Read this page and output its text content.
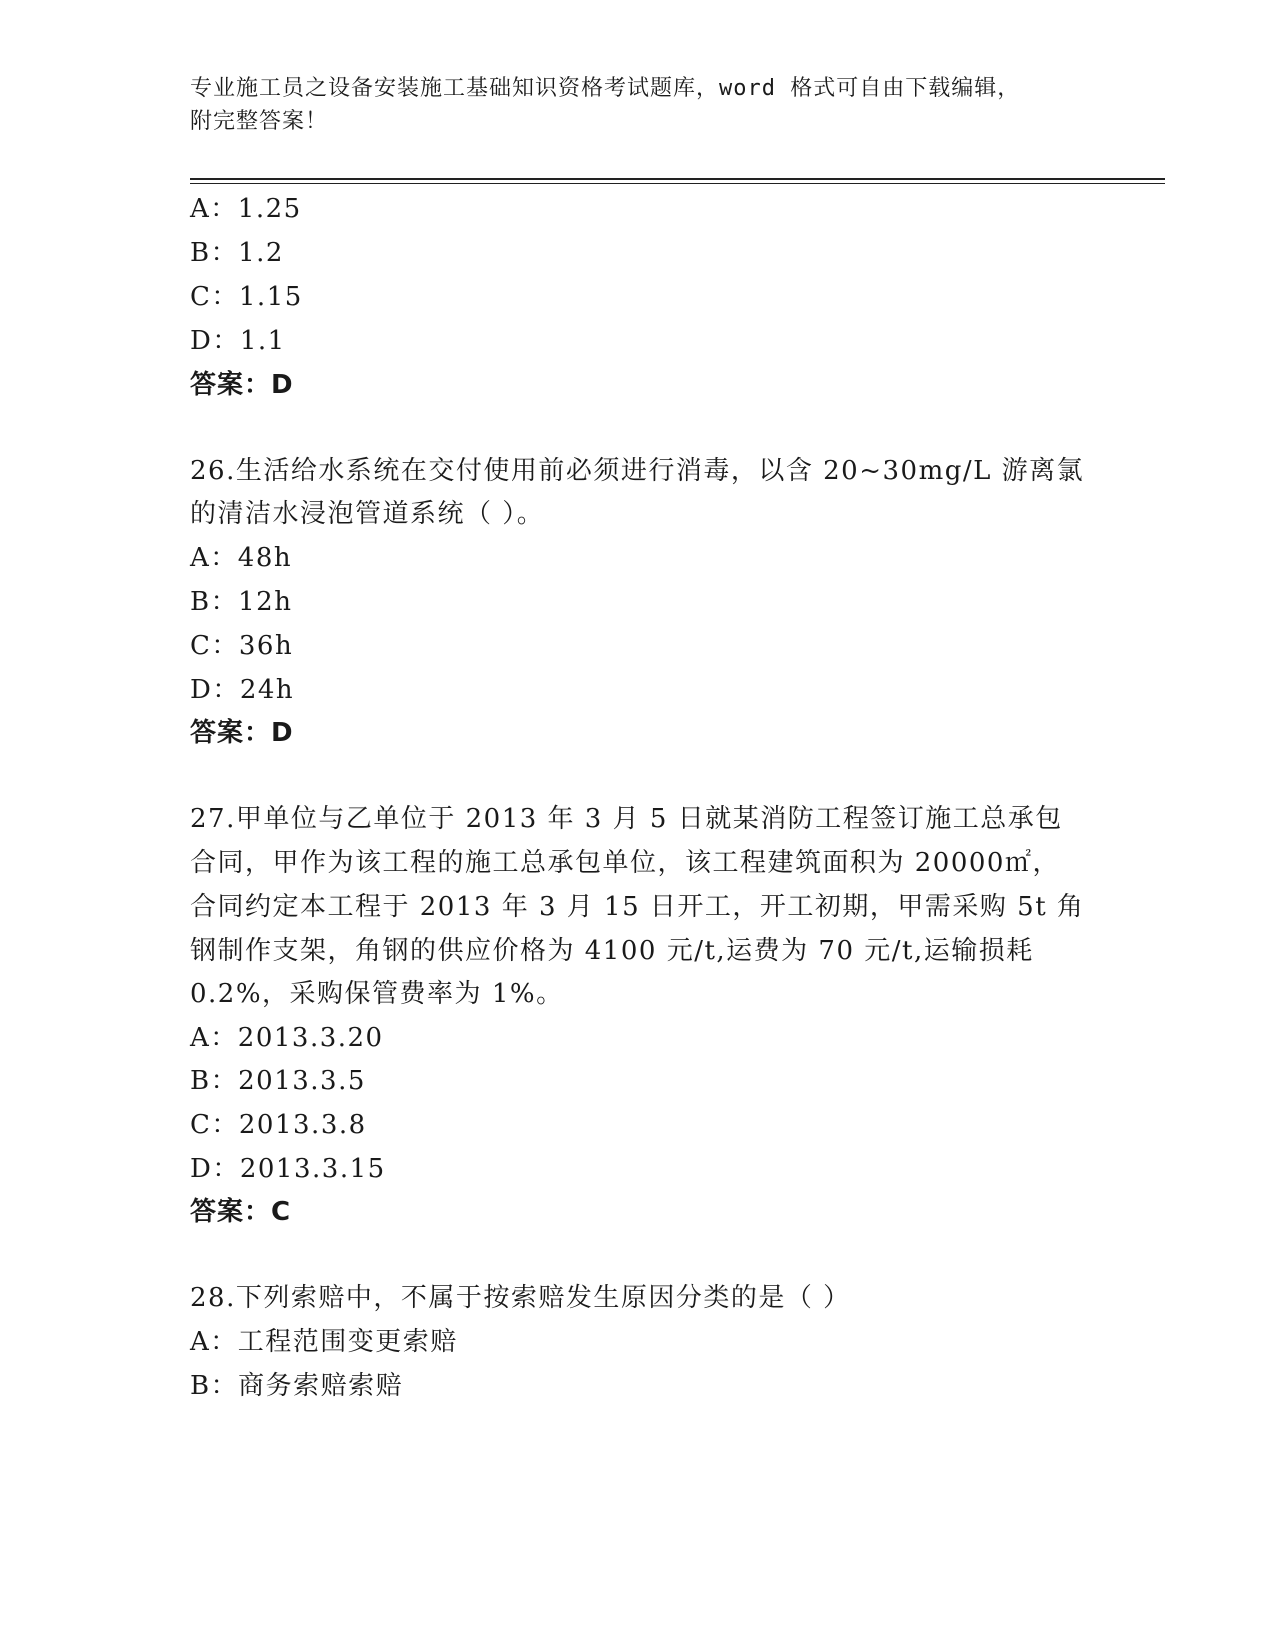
专业施工员之设备安装施工基础知识资格考试题库，word 格式可自由下载编辑，
附完整答案！
A：1.25
B：1.2
C：1.15
D：1.1
答案：D
26.生活给水系统在交付使用前必须进行消毒，以含 20~30mg/L 游离氯
的清洁水浸泡管道系统（ ）。
A：48h
B：12h
C：36h
D：24h
答案：D
27.甲单位与乙单位于 2013 年 3 月 5 日就某消防工程签订施工总承包
合同，甲作为该工程的施工总承包单位，该工程建筑面积为 20000㎡，
合同约定本工程于 2013 年 3 月 15 日开工，开工初期，甲需采购 5t 角
钢制作支架，角钢的供应价格为 4100 元/t,运费为 70 元/t,运输损耗
0.2%，采购保管费率为 1%。
A：2013.3.20
B：2013.3.5
C：2013.3.8
D：2013.3.15
答案：C
28.下列索赔中，不属于按索赔发生原因分类的是（ ）
A：工程范围变更索赔
B：商务索赔索赔
